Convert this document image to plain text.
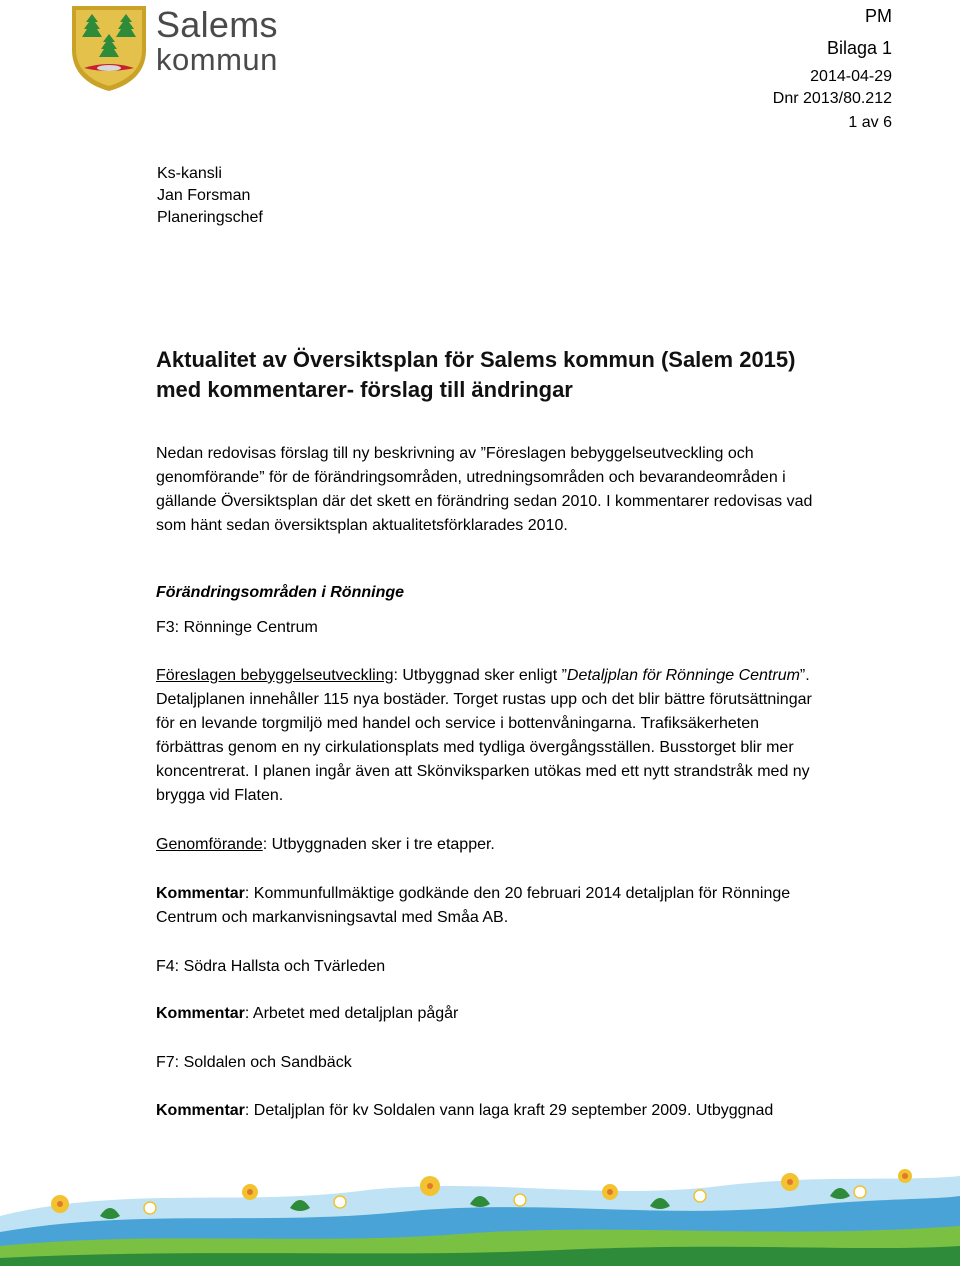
Salems
kommun
PM
Bilaga 1
2014-04-29
Dnr 2013/80.212
1 av 6
Ks-kansli
Jan Forsman
Planeringschef
Aktualitet av Översiktsplan för Salems kommun (Salem 2015)
med kommentarer- förslag till ändringar
Nedan redovisas förslag till ny beskrivning av ”Föreslagen bebyggelseutveckling och genomförande” för de förändringsområden, utredningsområden och bevarandeområden i gällande Översiktsplan där det skett en förändring sedan 2010. I kommentarer redovisas vad som hänt sedan översiktsplan aktualitetsförklarades 2010.
Förändringsområden i Rönninge
F3: Rönninge Centrum
Föreslagen bebyggelseutveckling: Utbyggnad sker enligt ”Detaljplan för Rönninge Centrum”. Detaljplanen innehåller 115 nya bostäder. Torget rustas upp och det blir bättre förutsättningar för en levande torgmiljö med handel och service i bottenvåningarna. Trafiksäkerheten förbättras genom en ny cirkulationsplats med tydliga övergångsställen. Busstorget blir mer koncentrerat. I planen ingår även att Skönviksparken utökas med ett nytt strandstråk med ny brygga vid Flaten.
Genomförande: Utbyggnaden sker i tre etapper.
Kommentar: Kommunfullmäktige godkände den 20 februari 2014 detaljplan för Rönninge Centrum och markanvisningsavtal med Småa AB.
F4: Södra Hallsta och Tvärleden
Kommentar: Arbetet med detaljplan pågår
F7: Soldalen och Sandbäck
Kommentar: Detaljplan för kv Soldalen vann laga kraft 29 september 2009. Utbyggnad
